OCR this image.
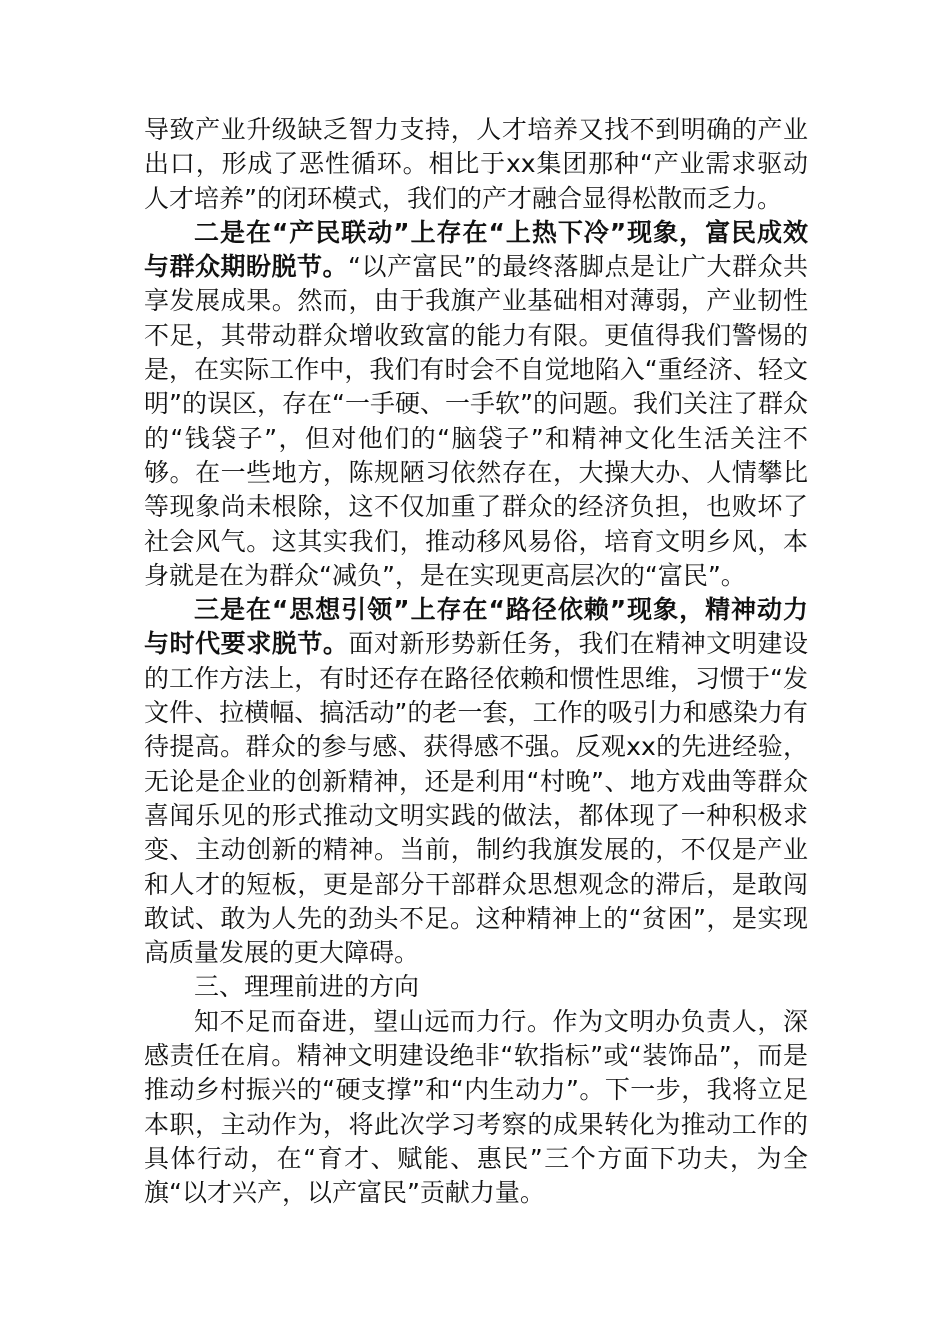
导致产业升级缺乏智力支持，人才培养又找不到明确的产业出口，形成了恶性循环。相比于xx集团那种“产业需求驱动人才培养”的闭环模式，我们的产才融合显得松散而乏力。

二是在“产民联动”上存在“上热下冷”现象，富民成效与群众期盼脱节。“以产富民”的最终落脚点是让广大群众共享发展成果。然而，由于我旗产业基础相对薄弱，产业韧性不足，其带动群众增收致富的能力有限。更值得我们警惕的是，在实际工作中，我们有时会不自觉地陷入“重经济、轻文明”的误区，存在“一手硬、一手软”的问题。我们关注了群众的“钱袋子”，但对他们的“脑袋子”和精神文化生活关注不够。在一些地方，陈规陋习依然存在，大操大办、人情攀比等现象尚未根除，这不仅加重了群众的经济负担，也败坏了社会风气。这其实我们，推动移风易俗，培育文明乡风，本身就是在为群众“减负”，是在实现更高层次的“富民”。

三是在“思想引领”上存在“路径依赖”现象，精神动力与时代要求脱节。面对新形势新任务，我们在精神文明建设的工作方法上，有时还存在路径依赖和惯性思维，习惯于“发文件、拉横幅、搞活动”的老一套，工作的吸引力和感染力有待提高。群众的参与感、获得感不强。反观xx的先进经验，无论是企业的创新精神，还是利用“村晚”、地方戏曲等群众喜闻乐见的形式推动文明实践的做法，都体现了一种积极求变、主动创新的精神。当前，制约我旗发展的，不仅是产业和人才的短板，更是部分干部群众思想观念的滞后，是敢闯敢试、敢为人先的劲头不足。这种精神上的“贫困”，是实现高质量发展的更大障碍。

三、理理前进的方向

知不足而奋进，望山远而力行。作为文明办负责人，深感责任在肩。精神文明建设绝非“软指标”或“装饰品”，而是推动乡村振兴的“硬支撑”和“内生动力”。下一步，我将立足本职，主动作为，将此次学习考察的成果转化为推动工作的具体行动，在“育才、赋能、惠民”三个方面下功夫，为全旗“以才兴产，以产富民”贡献力量。
